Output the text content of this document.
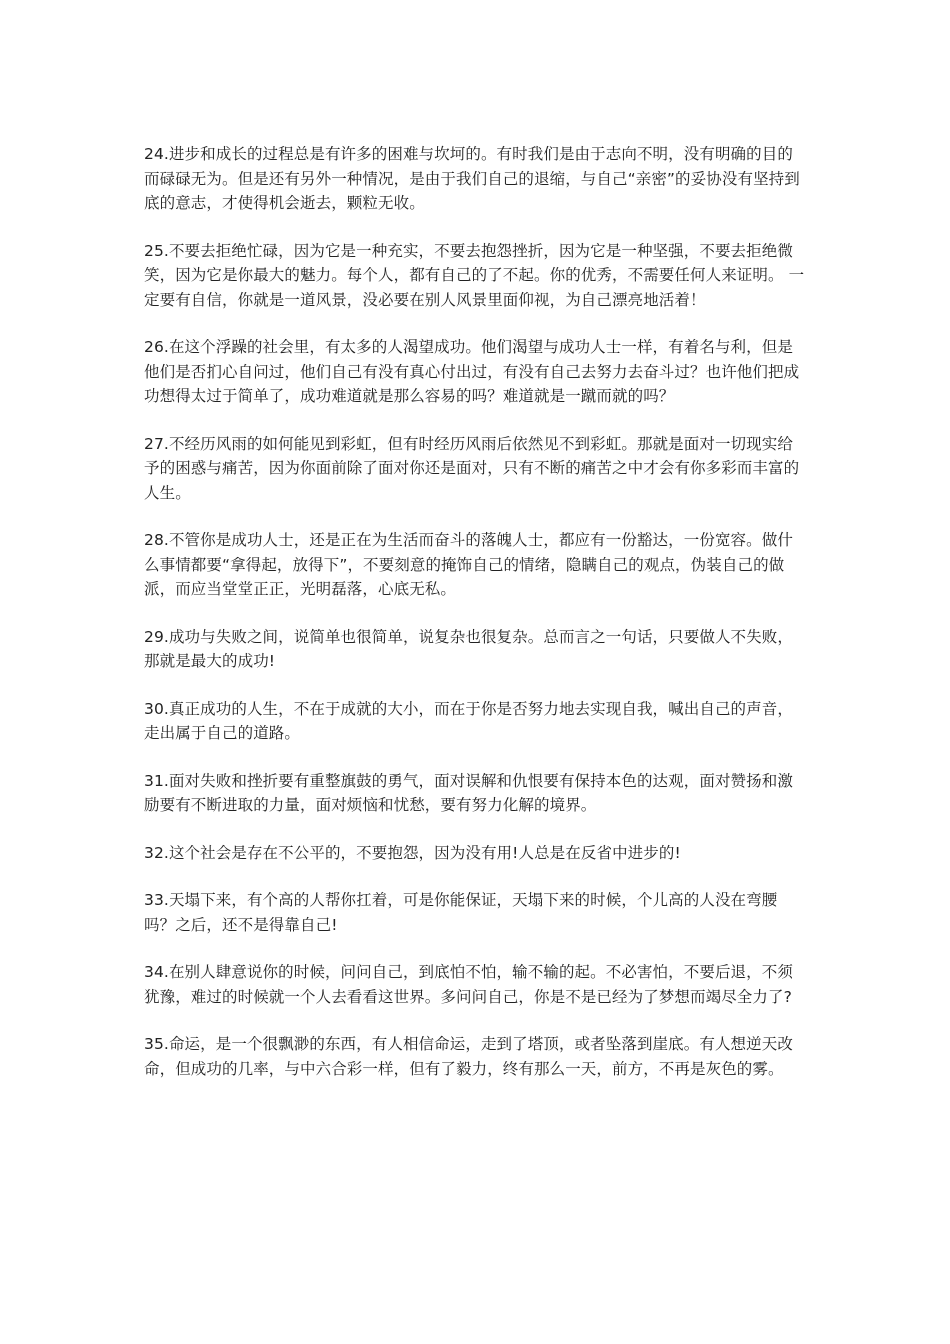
24.进步和成长的过程总是有许多的困难与坎坷的。有时我们是由于志向不明，没有明确的目的而碌碌无为。但是还有另外一种情况，是由于我们自己的退缩，与自己“亲密”的妥协没有坚持到底的意志，才使得机会逝去，颗粒无收。

25.不要去拒绝忙碌，因为它是一种充实，不要去抱怨挫折，因为它是一种坚强，不要去拒绝微笑，因为它是你最大的魅力。每个人，都有自己的了不起。你的优秀，不需要任何人来证明。 一定要有自信，你就是一道风景，没必要在别人风景里面仰视，为自己漂亮地活着！

26.在这个浮躁的社会里，有太多的人渴望成功。他们渴望与成功人士一样，有着名与利，但是他们是否扪心自问过，他们自己有没有真心付出过，有没有自己去努力去奋斗过？也许他们把成功想得太过于简单了，成功难道就是那么容易的吗？难道就是一蹴而就的吗？

27.不经历风雨的如何能见到彩虹，但有时经历风雨后依然见不到彩虹。那就是面对一切现实给予的困惑与痛苦，因为你面前除了面对你还是面对，只有不断的痛苦之中才会有你多彩而丰富的人生。

28.不管你是成功人士，还是正在为生活而奋斗的落魄人士，都应有一份豁达，一份宽容。做什么事情都要“拿得起，放得下”，不要刻意的掩饰自己的情绪，隐瞒自己的观点，伪装自己的做派，而应当堂堂正正，光明磊落，心底无私。

29.成功与失败之间，说简单也很简单，说复杂也很复杂。总而言之一句话，只要做人不失败，那就是最大的成功!

30.真正成功的人生，不在于成就的大小，而在于你是否努力地去实现自我，喊出自己的声音，走出属于自己的道路。

31.面对失败和挫折要有重整旗鼓的勇气，面对误解和仇恨要有保持本色的达观，面对赞扬和激励要有不断进取的力量，面对烦恼和忧愁，要有努力化解的境界。

32.这个社会是存在不公平的，不要抱怨，因为没有用!人总是在反省中进步的!

33.天塌下来，有个高的人帮你扛着，可是你能保证，天塌下来的时候，个儿高的人没在弯腰吗？之后，还不是得靠自己!

34.在别人肆意说你的时候，问问自己，到底怕不怕，输不输的起。不必害怕，不要后退，不须犹豫，难过的时候就一个人去看看这世界。多问问自己，你是不是已经为了梦想而竭尽全力了?

35.命运，是一个很飘渺的东西，有人相信命运，走到了塔顶，或者坠落到崖底。有人想逆天改命，但成功的几率，与中六合彩一样，但有了毅力，终有那么一天，前方，不再是灰色的雾。
